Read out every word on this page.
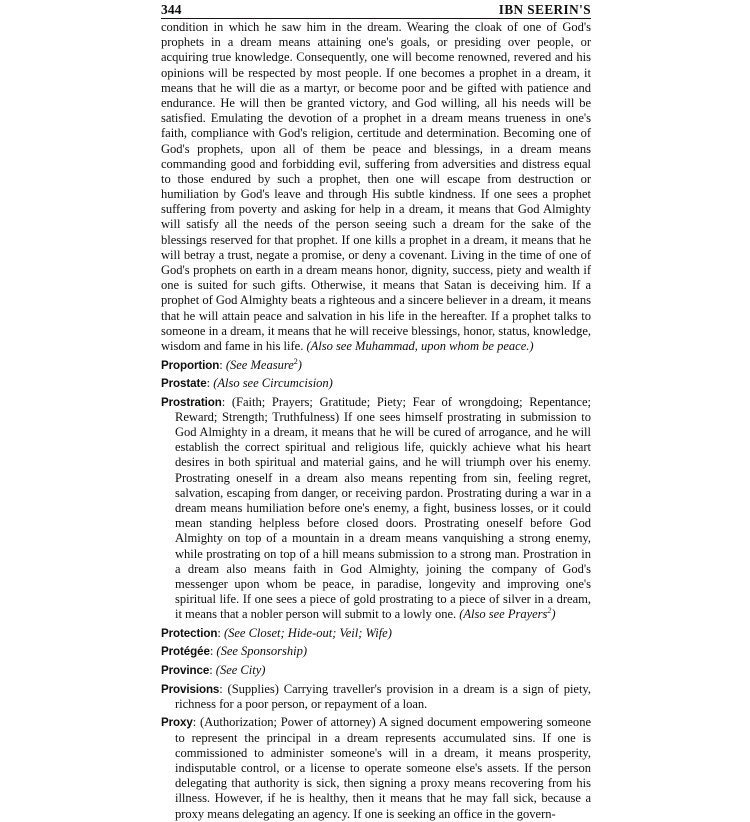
344	IBN SEERIN'S

condition in which he saw him in the dream. Wearing the cloak of one of God's prophets in a dream means attaining one's goals, or presiding over people, or acquiring true knowledge. Consequently, one will become renowned, revered and his opinions will be respected by most people. If one becomes a prophet in a dream, it means that he will die as a martyr, or become poor and be gifted with patience and endurance. He will then be granted victory, and God willing, all his needs will be satisfied. Emulating the devotion of a prophet in a dream means trueness in one's faith, compliance with God's religion, certitude and determination. Becoming one of God's prophets, upon all of them be peace and blessings, in a dream means commanding good and forbidding evil, suffering from adversities and distress equal to those endured by such a prophet, then one will escape from destruction or humiliation by God's leave and through His subtle kindness. If one sees a prophet suffering from poverty and asking for help in a dream, it means that God Almighty will satisfy all the needs of the person seeing such a dream for the sake of the blessings reserved for that prophet. If one kills a prophet in a dream, it means that he will betray a trust, negate a promise, or deny a covenant. Living in the time of one of God's prophets on earth in a dream means honor, dignity, success, piety and wealth if one is suited for such gifts. Otherwise, it means that Satan is deceiving him. If a prophet of God Almighty beats a righteous and a sincere believer in a dream, it means that he will attain peace and salvation in his life in the hereafter. If a prophet talks to someone in a dream, it means that he will receive blessings, honor, status, knowledge, wisdom and fame in his life. (Also see Muhammad, upon whom be peace.)

Proportion: (See Measure$^2$)

Prostate: (Also see Circumcision)

Prostration: (Faith; Prayers; Gratitude; Piety; Fear of wrongdoing; Repentance; Reward; Strength; Truthfulness) If one sees himself prostrating in submission to God Almighty in a dream, it means that he will be cured of arrogance, and he will establish the correct spiritual and religious life, quickly achieve what his heart desires in both spiritual and material gains, and he will triumph over his enemy. Prostrating oneself in a dream also means repenting from sin, feeling regret, salvation, escaping from danger, or receiving pardon. Prostrating during a war in a dream means humiliation before one's enemy, a fight, business losses, or it could mean standing helpless before closed doors. Prostrating oneself before God Almighty on top of a mountain in a dream means vanquishing a strong enemy, while prostrating on top of a hill means submission to a strong man. Prostration in a dream also means faith in God Almighty, joining the company of God's messenger upon whom be peace, in paradise, longevity and improving one's spiritual life. If one sees a piece of gold prostrating to a piece of silver in a dream, it means that a nobler person will submit to a lowly one. (Also see Prayers$^2$)

Protection: (See Closet; Hide-out; Veil; Wife)

Protégée: (See Sponsorship)

Province: (See City)

Provisions: (Supplies) Carrying traveller's provision in a dream is a sign of piety, richness for a poor person, or repayment of a loan.

Proxy: (Authorization; Power of attorney) A signed document empowering someone to represent the principal in a dream represents accumulated sins. If one is commissioned to administer someone's will in a dream, it means prosperity, indisputable control, or a license to operate someone else's assets. If the person delegating that authority is sick, then signing a proxy means recovering from his illness. However, if he is healthy, then it means that he may fall sick, because a proxy means delegating an agency. If one is seeking an office in the govern-
